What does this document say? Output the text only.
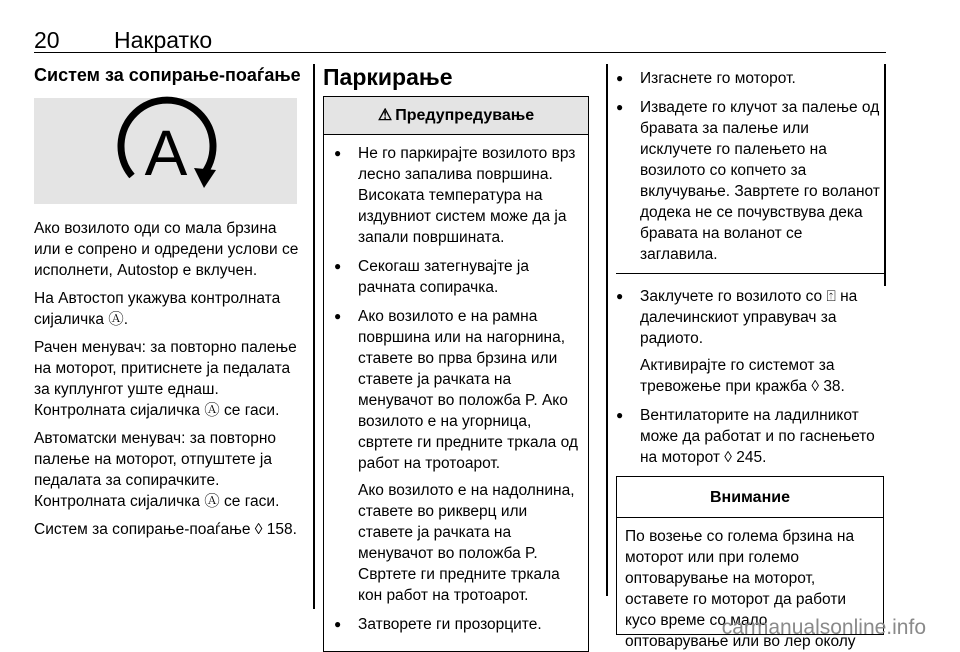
20 Накратко
Систем за сопирање-поаѓање
A

Ако возилото оди со мала брзина или е сопрено и одредени услови се исполнети, Autostop е вклучен.

На Автостоп укажува контролната сијаличка Ⓐ.

Рачен менувач: за повторно палење на моторот, притиснете ја педалата за куплунгот уште еднаш. Контролната сијаличка Ⓐ се гаси.

Автоматски менувач: за повторно палење на моторот, отпуштете ја педалата за сопирачките. Контролната сијаличка Ⓐ се гаси.

Систем за сопирање-поаѓање ◊ 158.

Паркирање
⚠ Предупредување

● Не го паркирајте возилото врз лесно запалива површина. Високата температура на издувниот систем може да ја запали површината.

● Секогаш затегнувајте ја рачната сопирачка.

● Ако возилото е на рамна површина или на нагорнина, ставете во прва брзина или ставете ја рачката на менувачот во положба P. Ако возилото е на угорница, свртете ги предните тркала од работ на тротоарот.

Ако возилото е на надолнина, ставете во рикверц или ставете ја рачката на менувачот во положба P. Свртете ги предните тркала кон работ на тротоарот.

● Затворете ги прозорците.

● Изгаснете го моторот.

● Извадете го клучот за палење од бравата за палење или исклучете го палењето на возилото со копчето за вклучување. Завртете го воланот додека не се почувствува дека бравата на воланот се заглавила.

● Заклучете го возилото со ⍐ на далечинскиот управувач за радиото.

Активирајте го системот за тревожење при кражба ◊ 38.

● Вентилаторите на ладилникот може да работат и по гаснењето на моторот ◊ 245.

Внимание
По возење со голема брзина на моторот или при големо оптоварување на моторот, оставете го моторот да работи кусо време со мало оптоварување или во лер околу
carmanualsonline.info
